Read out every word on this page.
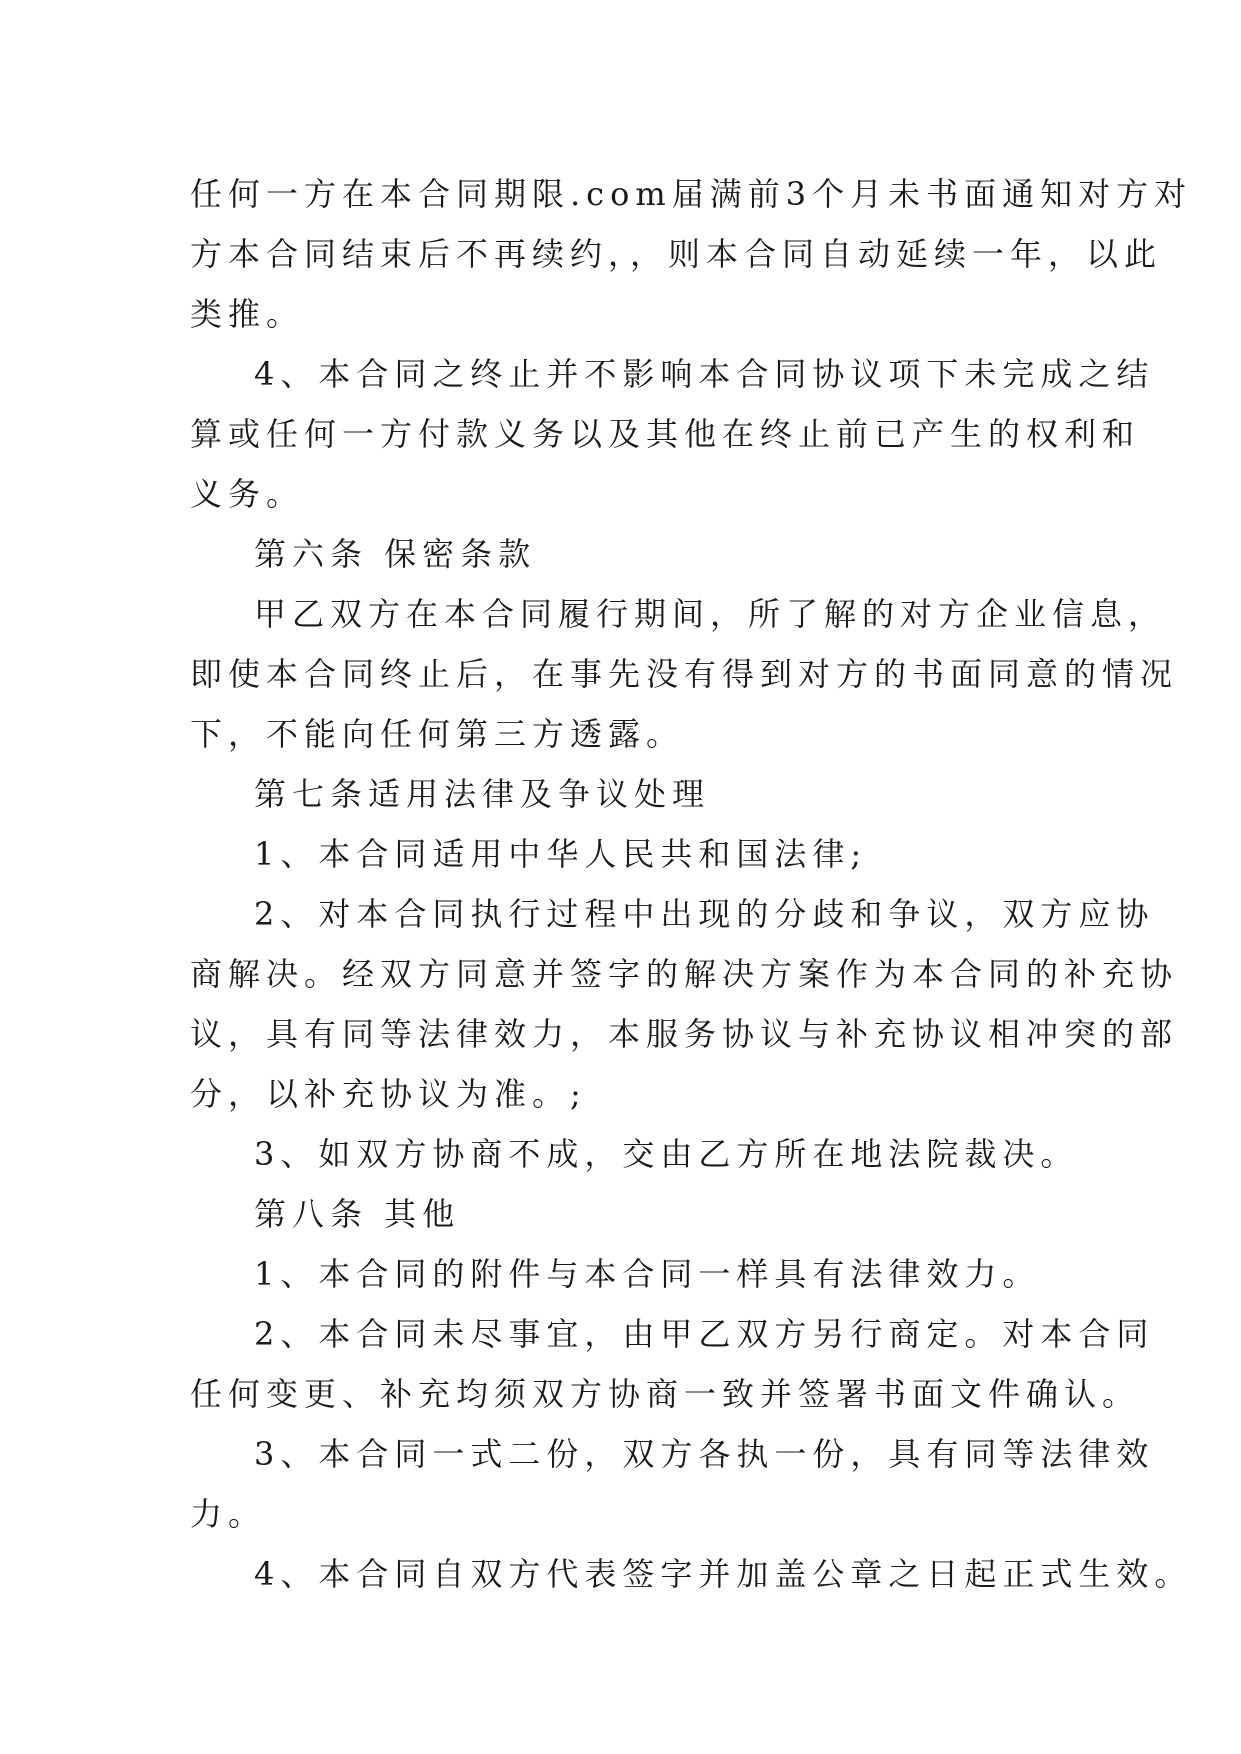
任何一方在本合同期限.com届满前3个月未书面通知对方对
方本合同结束后不再续约，，则本合同自动延续一年，以此
类推。
4、本合同之终止并不影响本合同协议项下未完成之结
算或任何一方付款义务以及其他在终止前已产生的权利和
义务。
第六条 保密条款
甲乙双方在本合同履行期间，所了解的对方企业信息，
即使本合同终止后，在事先没有得到对方的书面同意的情况
下，不能向任何第三方透露。
第七条适用法律及争议处理
1、本合同适用中华人民共和国法律;
2、对本合同执行过程中出现的分歧和争议，双方应协
商解决。经双方同意并签字的解决方案作为本合同的补充协
议，具有同等法律效力，本服务协议与补充协议相冲突的部
分，以补充协议为准。;
3、如双方协商不成，交由乙方所在地法院裁决。
第八条 其他
1、本合同的附件与本合同一样具有法律效力。
2、本合同未尽事宜，由甲乙双方另行商定。对本合同
任何变更、补充均须双方协商一致并签署书面文件确认。
3、本合同一式二份，双方各执一份，具有同等法律效
力。
4、本合同自双方代表签字并加盖公章之日起正式生效。
